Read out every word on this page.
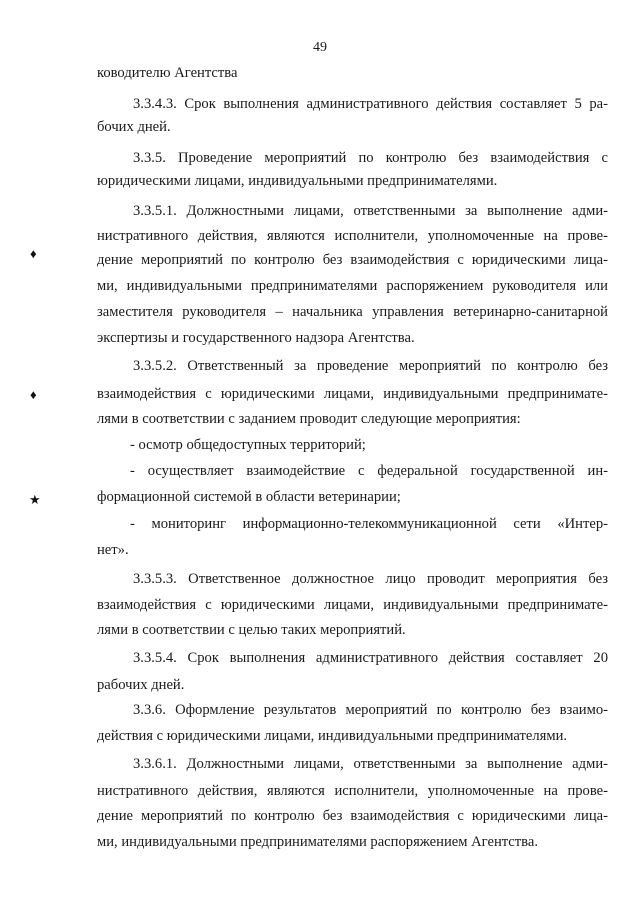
49
ководителю Агентства
3.3.4.3. Срок выполнения административного действия составляет 5 ра-
бочих дней.
3.3.5. Проведение мероприятий по контролю без взаимодействия с
юридическими лицами, индивидуальными предпринимателями.
3.3.5.1. Должностными лицами, ответственными за выполнение адми-
нистративного действия, являются исполнители, уполномоченные на прове-
дение мероприятий по контролю без взаимодействия с юридическими лица-
ми, индивидуальными предпринимателями распоряжением руководителя или
заместителя руководителя – начальника управления ветеринарно-санитарной
экспертизы и государственного надзора Агентства.
3.3.5.2. Ответственный за проведение мероприятий по контролю без
взаимодействия с юридическими лицами, индивидуальными предпринимате-
лями в соответствии с заданием проводит следующие мероприятия:
- осмотр общедоступных территорий;
- осуществляет взаимодействие с федеральной государственной ин-
формационной системой в области ветеринарии;
- мониторинг информационно-телекоммуникационной сети «Интер-
нет».
3.3.5.3. Ответственное должностное лицо проводит мероприятия без
взаимодействия с юридическими лицами, индивидуальными предпринимате-
лями в соответствии с целью таких мероприятий.
3.3.5.4. Срок выполнения административного действия составляет 20
рабочих дней.
3.3.6. Оформление результатов мероприятий по контролю без взаимо-
действия с юридическими лицами, индивидуальными предпринимателями.
3.3.6.1. Должностными лицами, ответственными за выполнение адми-
нистративного действия, являются исполнители, уполномоченные на прове-
дение мероприятий по контролю без взаимодействия с юридическими лица-
ми, индивидуальными предпринимателями распоряжением Агентства.
♦
♦
★
